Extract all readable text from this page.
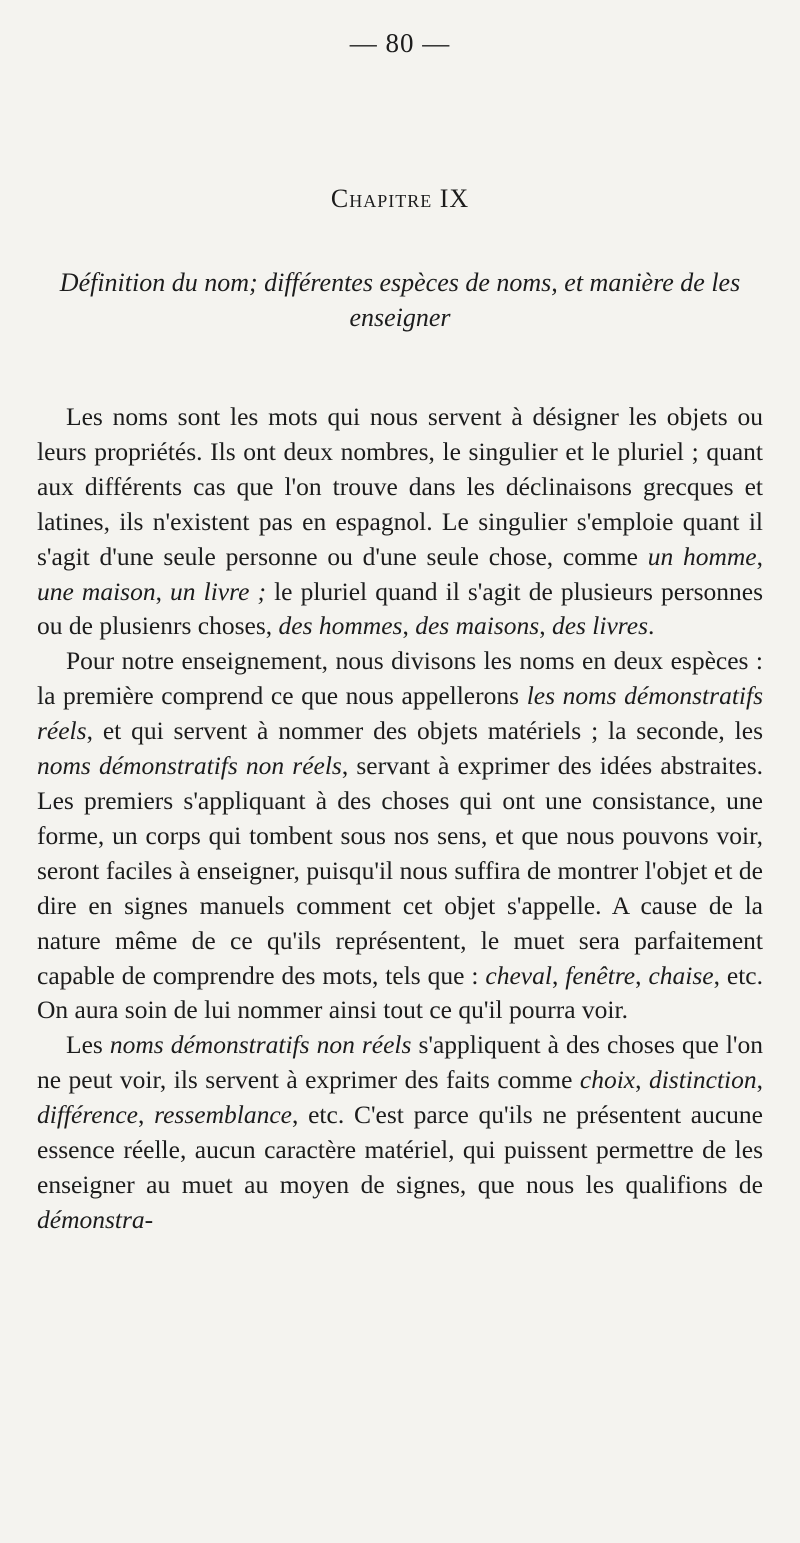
— 80 —
Chapitre IX
Définition du nom; différentes espèces de noms, et manière de les enseigner

Les noms sont les mots qui nous servent à désigner les objets ou leurs propriétés. Ils ont deux nombres, le singulier et le pluriel ; quant aux différents cas que l'on trouve dans les déclinaisons grecques et latines, ils n'existent pas en espagnol. Le singulier s'emploie quant il s'agit d'une seule personne ou d'une seule chose, comme un homme, une maison, un livre ; le pluriel quand il s'agit de plusieurs personnes ou de plusienrs choses, des hommes, des maisons, des livres.

Pour notre enseignement, nous divisons les noms en deux espèces : la première comprend ce que nous appellerons les noms démonstratifs réels, et qui servent à nommer des objets matériels ; la seconde, les noms démonstratifs non réels, servant à exprimer des idées abstraites. Les premiers s'appliquant à des choses qui ont une consistance, une forme, un corps qui tombent sous nos sens, et que nous pouvons voir, seront faciles à enseigner, puisqu'il nous suffira de montrer l'objet et de dire en signes manuels comment cet objet s'appelle. A cause de la nature même de ce qu'ils représentent, le muet sera parfaitement capable de comprendre des mots, tels que : cheval, fenêtre, chaise, etc. On aura soin de lui nommer ainsi tout ce qu'il pourra voir.

Les noms démonstratifs non réels s'appliquent à des choses que l'on ne peut voir, ils servent à exprimer des faits comme choix, distinction, différence, ressemblance, etc. C'est parce qu'ils ne présentent aucune essence réelle, aucun caractère matériel, qui puissent permettre de les enseigner au muet au moyen de signes, que nous les qualifions de démonstra-
